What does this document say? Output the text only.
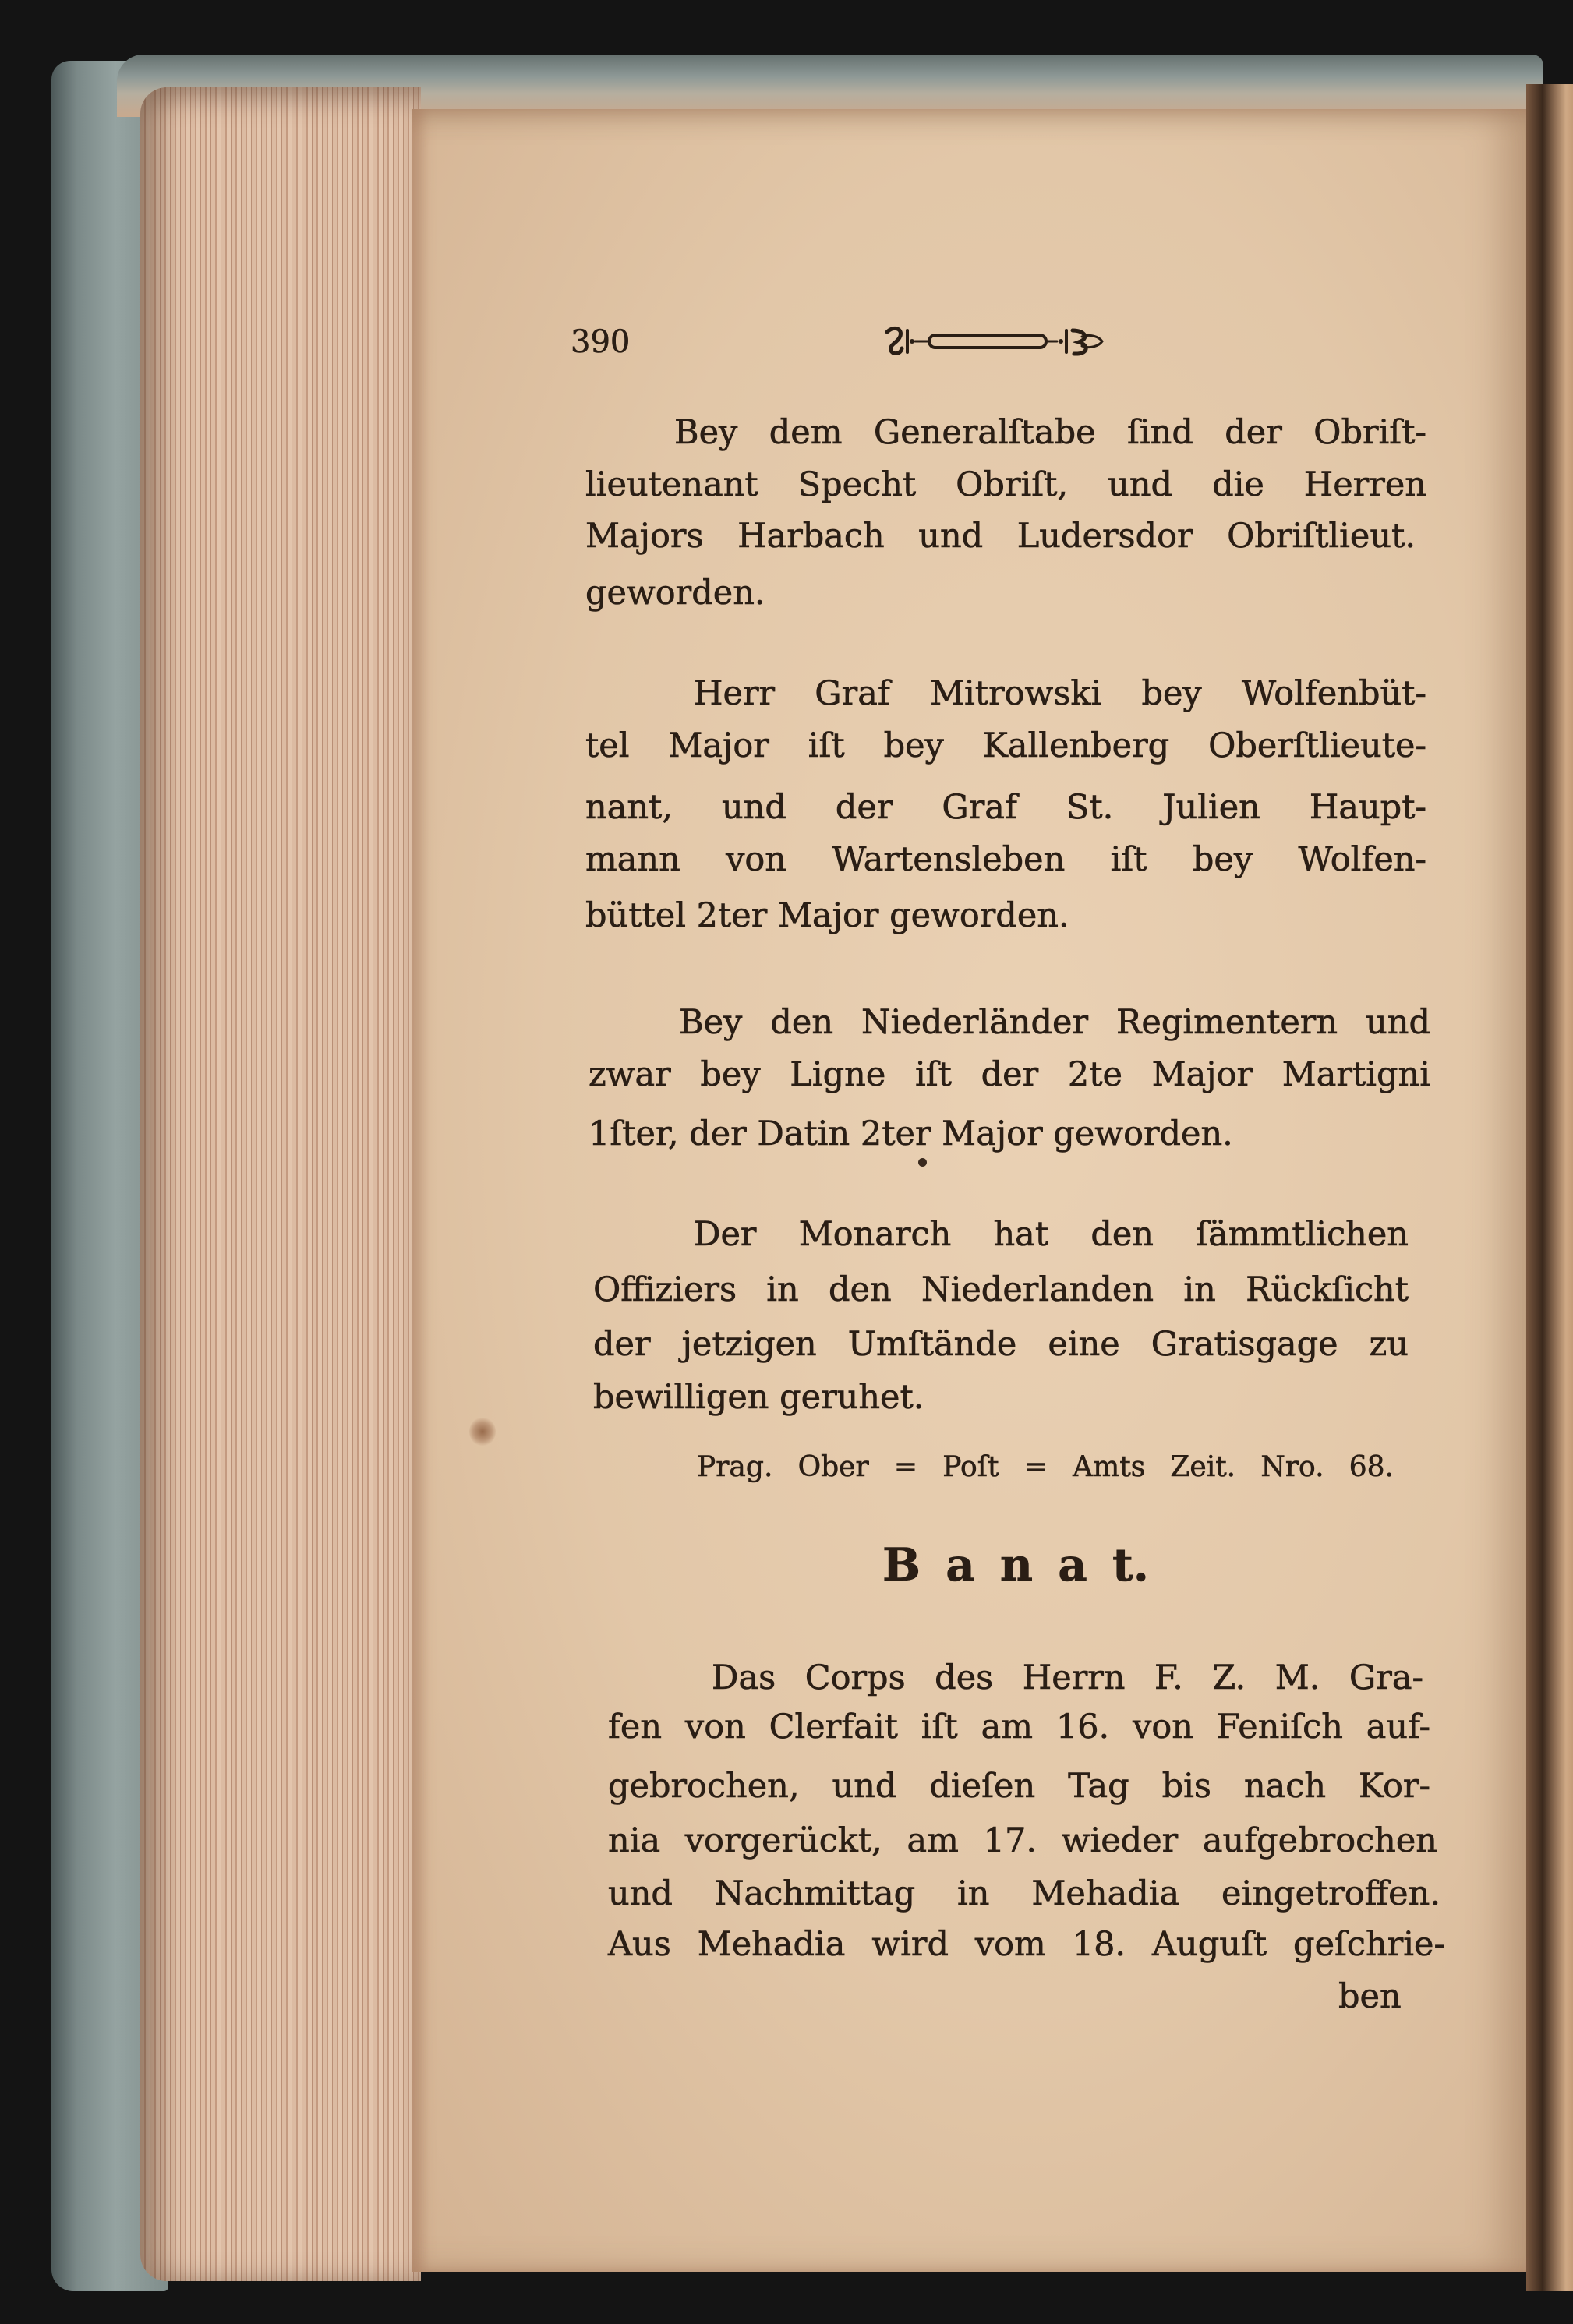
390
Bey dem Generalſtabe ſind der Obriſt-
lieutenant Specht Obriſt, und die Herren
Majors Harbach und Ludersdor Obriſtlieut.
geworden.
Herr Graf Mitrowski bey Wolfenbüt-
tel Major iſt bey Kallenberg Oberſtlieute-
nant, und der Graf St. Julien Haupt-
mann von Wartensleben iſt bey Wolfen-
büttel 2ter Major geworden.
Bey den Niederländer Regimentern und
zwar bey Ligne iſt der 2te Major Martigni
1ſter, der Datin 2ter Major geworden.
Der Monarch hat den ſämmtlichen
Offiziers in den Niederlanden in Rückſicht
der jetzigen Umſtände eine Gratisgage zu
bewilligen geruhet.
Prag. Ober = Poſt = Amts Zeit. Nro. 68.
B a n a t.
Das Corps des Herrn F. Z. M. Gra-
fen von Clerfait iſt am 16. von Feniſch auf-
gebrochen, und dieſen Tag bis nach Kor-
nia vorgerückt, am 17. wieder aufgebrochen
und Nachmittag in Mehadia eingetroffen.
Aus Mehadia wird vom 18. Auguſt geſchrie-
ben
